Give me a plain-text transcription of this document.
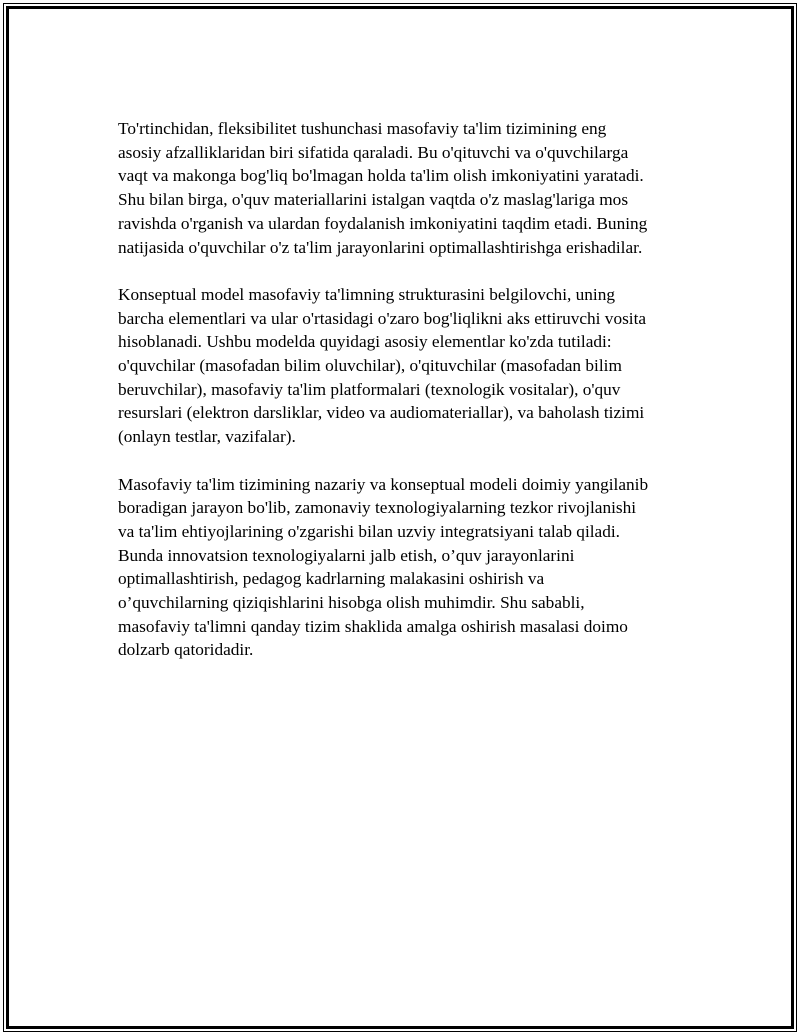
To'rtinchidan, fleksibilitet tushunchasi masofaviy ta'lim tizimining eng
asosiy afzalliklaridan biri sifatida qaraladi. Bu o'qituvchi va o'quvchilarga
vaqt va makonga bog'liq bo'lmagan holda ta'lim olish imkoniyatini yaratadi.
Shu bilan birga, o'quv materiallarini istalgan vaqtda o'z maslag'lariga mos
ravishda o'rganish va ulardan foydalanish imkoniyatini taqdim etadi. Buning
natijasida o'quvchilar o'z ta'lim jarayonlarini optimallashtirishga erishadilar.

Konseptual model masofaviy ta'limning strukturasini belgilovchi, uning
barcha elementlari va ular o'rtasidagi o'zaro bog'liqlikni aks ettiruvchi vosita
hisoblanadi. Ushbu modelda quyidagi asosiy elementlar ko'zda tutiladi:
o'quvchilar (masofadan bilim oluvchilar), o'qituvchilar (masofadan bilim
beruvchilar), masofaviy ta'lim platformalari (texnologik vositalar), o'quv
resurslari (elektron darsliklar, video va audiomateriallar), va baholash tizimi
(onlayn testlar, vazifalar).

Masofaviy ta'lim tizimining nazariy va konseptual modeli doimiy yangilanib
boradigan jarayon bo'lib, zamonaviy texnologiyalarning tezkor rivojlanishi
va ta'lim ehtiyojlarining o'zgarishi bilan uzviy integratsiyani talab qiladi.
Bunda innovatsion texnologiyalarni jalb etish, o’quv jarayonlarini
optimallashtirish, pedagog kadrlarning malakasini oshirish va
o’quvchilarning qiziqishlarini hisobga olish muhimdir. Shu sababli,
masofaviy ta'limni qanday tizim shaklida amalga oshirish masalasi doimo
dolzarb qatoridadir.
